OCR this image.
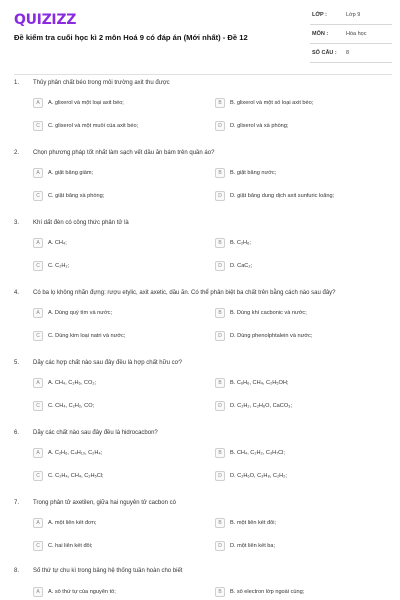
QUIZIZZ
Đề kiểm tra cuối học kì 2 môn Hoá 9 có đáp án (Mới nhất) - Đề 12
LỚP :	Lớp 9
MÔN :	Hóa học
SỐ CÂU :	8
1. Thủy phân chất béo trong môi trường axit thu được
A	A. glixerol và một loại axit béo;	B	B. glixerol và một số loại axit béo;
C	C. glixerol và một muối của axit béo;	D	D. glixerol và xà phòng;
2. Chọn phương pháp tốt nhất làm sạch vết dầu ăn bám trên quần áo?
A	A. giặt bằng giấm;	B	B. giặt bằng nước;
C	C. giặt bằng xà phòng;	D	D. giặt bằng dung dịch axit sunfuric loãng;
3. Khí dất đèn có công thức phân tử là
A	A. CH₄;	B	B. C₂H₆;
C	C. C₂H₂;	D	D. CaC₂;
4. Có ba lọ không nhãn đựng: rượu etylic, axit axetic, dầu ăn. Có thể phân biệt ba chất trên bằng cách nào sau đây?
A	A. Dùng quỳ tím và nước;	B	B. Dùng khí cacbonic và nước;
C	C. Dùng kim loại natri và nước;	D	D. Dùng phenolphtalein và nước;
5. Dãy các hợp chất nào sau đây đều là hợp chất hữu cơ?
A	A. CH₄, C₂H₆, CO₂;	B	B. C₆H₆, CH₄, C₂H₅OH;
C	C. CH₄, C₂H₂, CO;	D	D. C₂H₂, C₂H₆O, CaCO₃;
6. Dãy các chất nào sau đây đều là hidrocacbon?
A	A. C₂H₆, C₄H₁₀, C₂H₄;	B	B. CH₄, C₂H₂, C₃H₇Cl;
C	C. C₂H₄, CH₄, C₂H₅Cl;	D	D. C₂H₆O, C₃H₈, C₂H₂;
7. Trong phân tử axetilen, giữa hai nguyên tử cacbon có
A	A. một liên kết đơn;	B	B. một liên kết đôi;
C	C. hai liên kết đôi;	D	D. một liên kết ba;
8. Số thứ tự chu kì trong bảng hệ thống tuần hoàn cho biết
A	A. số thứ tự của nguyên tố;	B	B. số electron lớp ngoài cùng;
